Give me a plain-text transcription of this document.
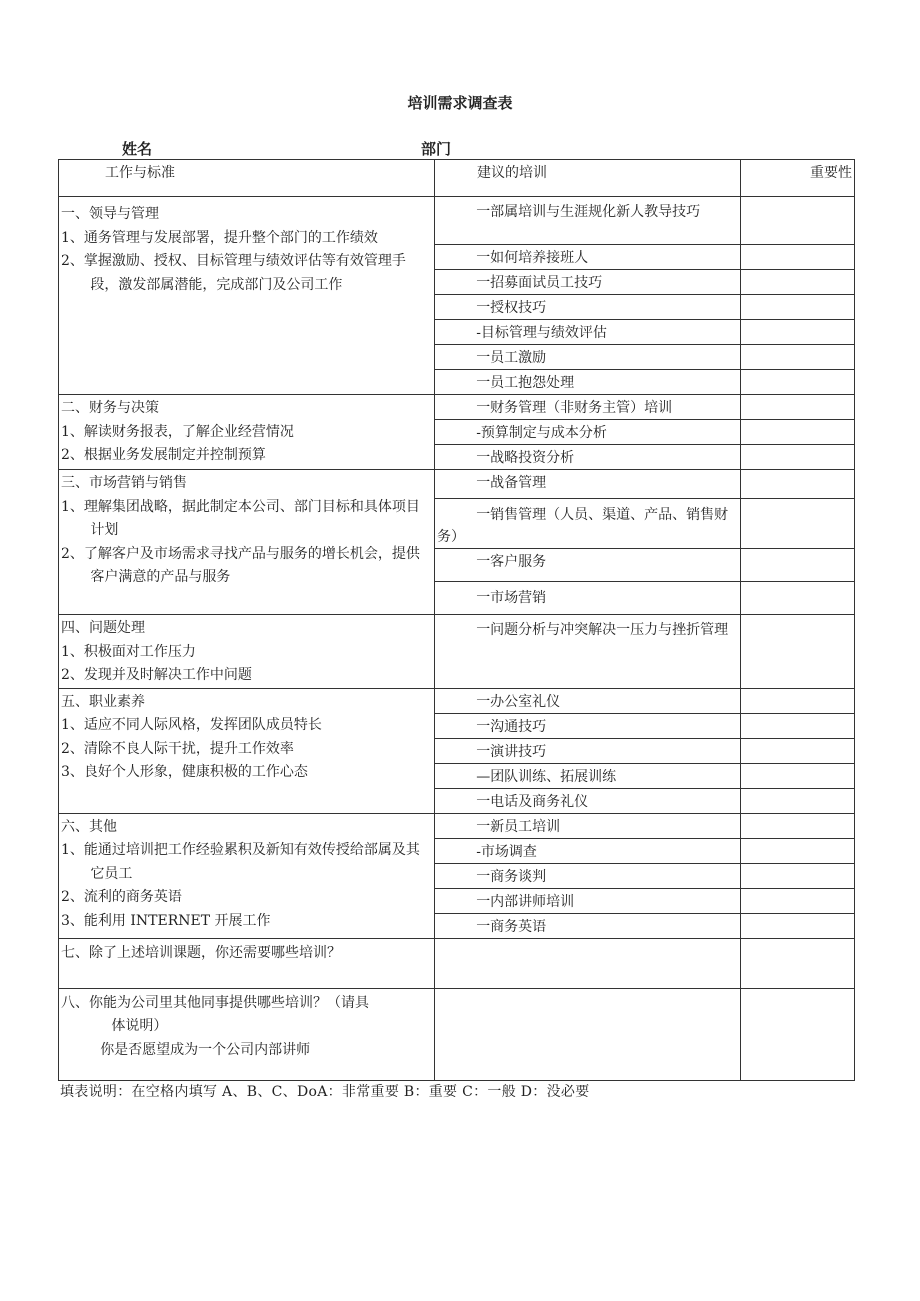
培训需求调查表
姓名	部门
工作与标准	建议的培训	重要性

一、领导与管理
1、通务管理与发展部署，提升整个部门的工作绩效
2、掌握激励、授权、目标管理与绩效评估等有效管理手段，激发部属潜能，完成部门及公司工作	一部属培训与生涯规化新人教导技巧	

	一如何培养接班人	

	一招募面试员工技巧	

	一授权技巧	

	-目标管理与绩效评估	

	一员工激励	

	一员工抱怨处理	

二、财务与决策
1、解读财务报表，了解企业经营情况
2、根据业务发展制定并控制预算	一财务管理（非财务主管）培训	

	-预算制定与成本分析	

	一战略投资分析	

三、市场营销与销售
1、理解集团战略，据此制定本公司、部门目标和具体项目计划
2、了解客户及市场需求寻找产品与服务的增长机会，提供客户满意的产品与服务	一战备管理	

	一销售管理（人员、渠道、产品、销售财务）	

	一客户服务	

	一市场营销	

四、问题处理
1、积极面对工作压力
2、发现并及时解决工作中问题	一问题分析与冲突解决一压力与挫折管理	

五、职业素养
1、适应不同人际风格，发挥团队成员特长
2、清除不良人际干扰，提升工作效率
3、良好个人形象，健康积极的工作心态	一办公室礼仪	

	一沟通技巧	

	一演讲技巧	

	—团队训练、拓展训练	

	一电话及商务礼仪	

六、其他
1、能通过培训把工作经验累积及新知有效传授给部属及其它员工
2、流利的商务英语
3、能利用 INTERNET 开展工作	一新员工培训	

	-市场调查	

	一商务谈判	

	一内部讲师培训	

	一商务英语	

七、除了上述培训课题，你还需要哪些培训？		

八、你能为公司里其他同事提供哪些培训？（请具
体说明）
你是否愿望成为一个公司内部讲师		

填表说明：在空格内填写 A、B、C、DoA：非常重要 B：重要 C：一般 D：没必要
